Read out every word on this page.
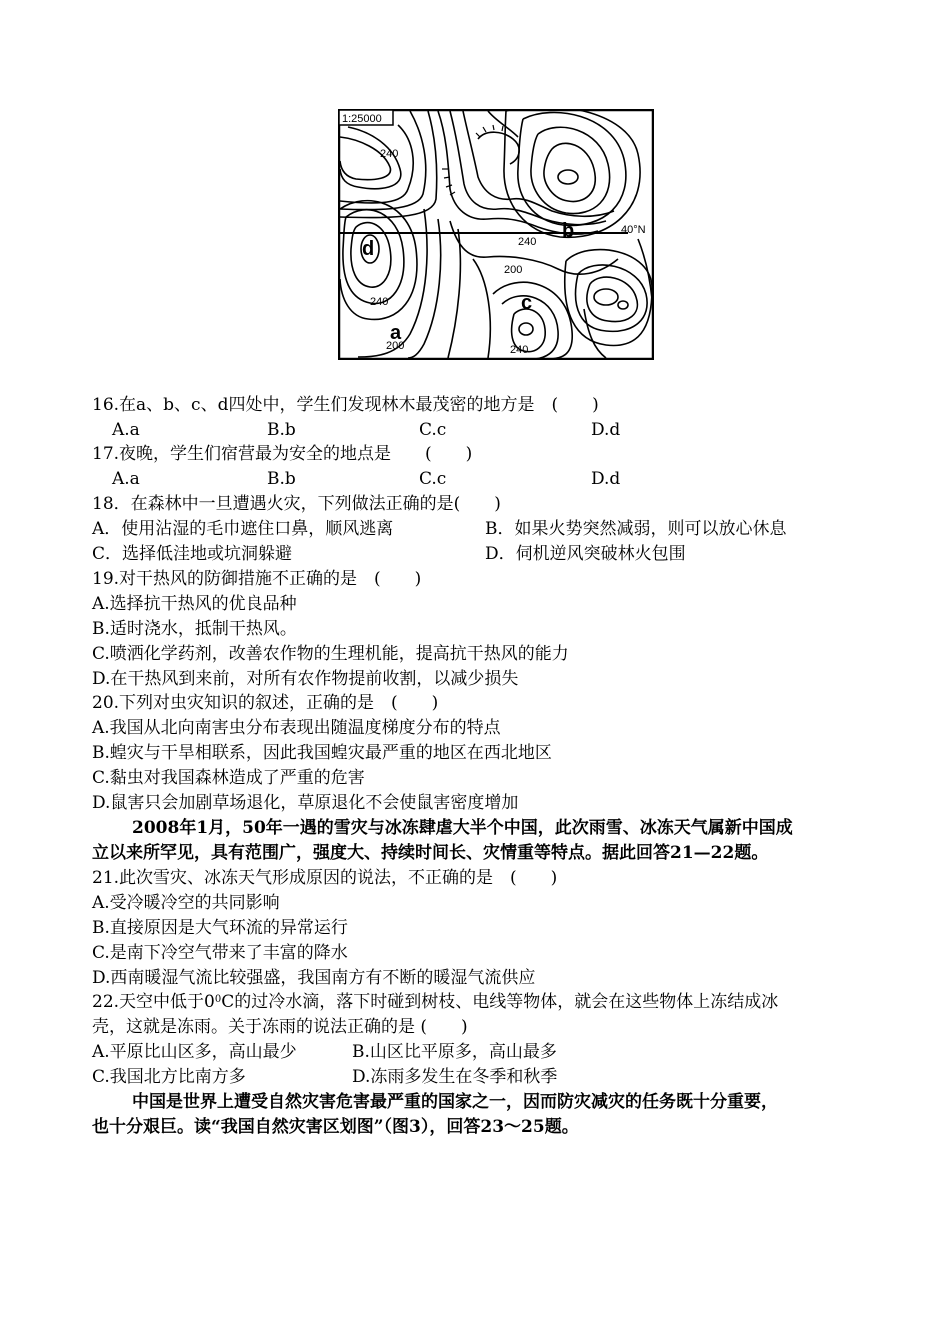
1:25000
240
240
200
240
200	240
40°N
d
b
c
a
16.在a、b、c、d四处中，学生们发现林木最茂密的地方是　(　　)
A.a	B.b	C.c	D.d
17.夜晚，学生们宿营最为安全的地点是　　(　　)
A.a	B.b	C.c	D.d
18．在森林中一旦遭遇火灾，下列做法正确的是(　　)
A．使用沾湿的毛巾遮住口鼻，顺风逃离	B．如果火势突然减弱，则可以放心休息
C．选择低洼地或坑洞躲避	D．伺机逆风突破林火包围
19.对干热风的防御措施不正确的是　(　　)
A.选择抗干热风的优良品种
B.适时浇水，抵制干热风。
C.喷洒化学药剂，改善农作物的生理机能，提高抗干热风的能力
D.在干热风到来前，对所有农作物提前收割，以减少损失
20.下列对虫灾知识的叙述，正确的是　(　　)
A.我国从北向南害虫分布表现出随温度梯度分布的特点
B.蝗灾与干旱相联系，因此我国蝗灾最严重的地区在西北地区
C.黏虫对我国森林造成了严重的危害
D.鼠害只会加剧草场退化，草原退化不会使鼠害密度增加
2008年1月，50年一遇的雪灾与冰冻肆虐大半个中国，此次雨雪、冰冻天气属新中国成
立以来所罕见，具有范围广，强度大、持续时间长、灾情重等特点。据此回答21—22题。
21.此次雪灾、冰冻天气形成原因的说法，不正确的是　(　　)
A.受冷暖冷空的共同影响
B.直接原因是大气环流的异常运行
C.是南下冷空气带来了丰富的降水
D.西南暖湿气流比较强盛，我国南方有不断的暖湿气流供应
22.天空中低于$0^0C$的过冷水滴，落下时碰到树枝、电线等物体，就会在这些物体上冻结成冰
壳，这就是冻雨。关于冻雨的说法正确的是 (　　)
A.平原比山区多，高山最少	B.山区比平原多，高山最多
C.我国北方比南方多	D.冻雨多发生在冬季和秋季
中国是世界上遭受自然灾害危害最严重的国家之一，因而防灾减灾的任务既十分重要，
也十分艰巨。读“我国自然灾害区划图”（图3），回答23～25题。
